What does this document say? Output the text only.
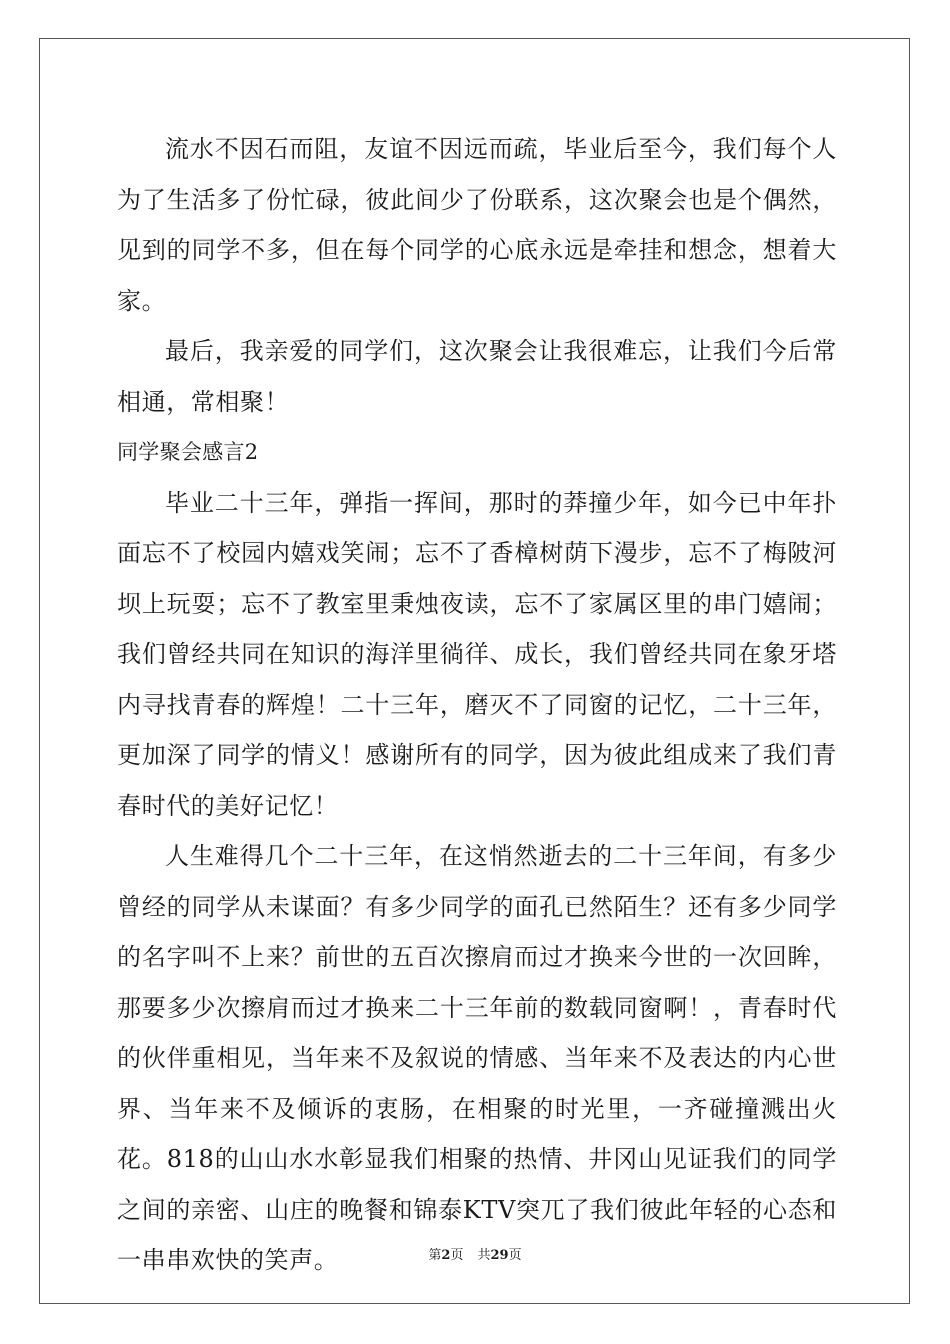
流水不因石而阻，友谊不因远而疏，毕业后至今，我们每个人为了生活多了份忙碌，彼此间少了份联系，这次聚会也是个偶然，见到的同学不多，但在每个同学的心底永远是牵挂和想念，想着大家。

最后，我亲爱的同学们，这次聚会让我很难忘，让我们今后常相通，常相聚！

同学聚会感言2

毕业二十三年，弹指一挥间，那时的莽撞少年，如今已中年扑面忘不了校园内嬉戏笑闹；忘不了香樟树荫下漫步，忘不了梅陂河坝上玩耍；忘不了教室里秉烛夜读，忘不了家属区里的串门嬉闹；我们曾经共同在知识的海洋里徜徉、成长，我们曾经共同在象牙塔内寻找青春的辉煌！二十三年，磨灭不了同窗的记忆，二十三年，更加深了同学的情义！感谢所有的同学，因为彼此组成来了我们青春时代的美好记忆！

人生难得几个二十三年，在这悄然逝去的二十三年间，有多少曾经的同学从未谋面？有多少同学的面孔已然陌生？还有多少同学的名字叫不上来？前世的五百次擦肩而过才换来今世的一次回眸，那要多少次擦肩而过才换来二十三年前的数载同窗啊！，青春时代的伙伴重相见，当年来不及叙说的情感、当年来不及表达的内心世界、当年来不及倾诉的衷肠，在相聚的时光里，一齐碰撞溅出火花。818的山山水水彰显我们相聚的热情、井冈山见证我们的同学之间的亲密、山庄的晚餐和锦泰KTV突兀了我们彼此年轻的心态和一串串欢快的笑声。	第2页 共29页
